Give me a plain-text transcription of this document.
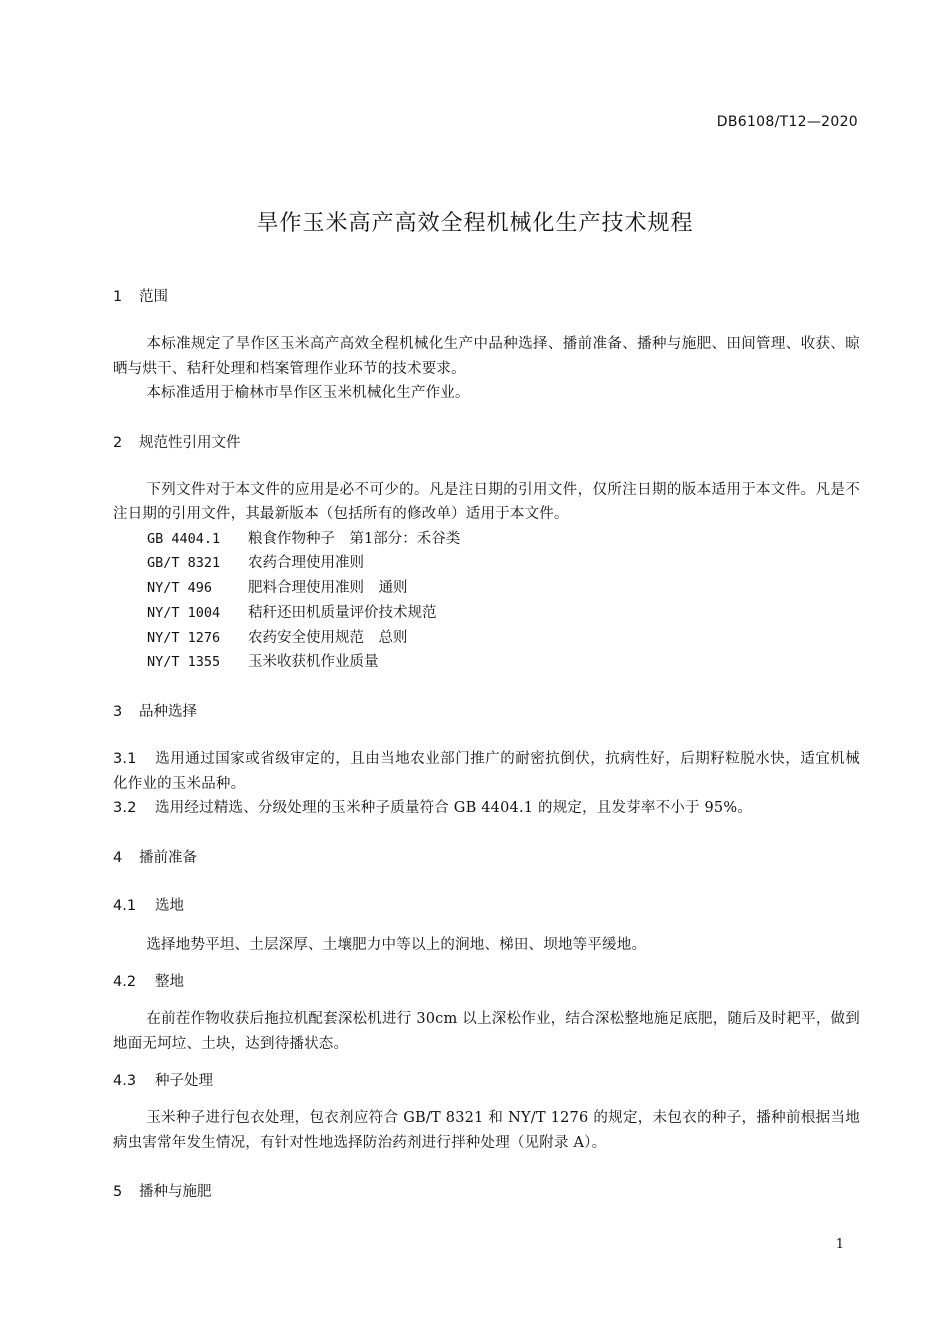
DB6108/T12—2020
旱作玉米高产高效全程机械化生产技术规程
1 范围

本标准规定了旱作区玉米高产高效全程机械化生产中品种选择、播前准备、播种与施肥、田间管理、收获、晾晒与烘干、秸秆处理和档案管理作业环节的技术要求。

本标准适用于榆林市旱作区玉米机械化生产作业。

2 规范性引用文件

下列文件对于本文件的应用是必不可少的。凡是注日期的引用文件，仅所注日期的版本适用于本文件。凡是不注日期的引用文件，其最新版本（包括所有的修改单）适用于本文件。

GB 4404.1	粮食作物种子　第1部分：禾谷类
GB/T 8321	农药合理使用准则
NY/T 496	肥料合理使用准则　通则
NY/T 1004	秸秆还田机质量评价技术规范
NY/T 1276	农药安全使用规范　总则
NY/T 1355	玉米收获机作业质量
3 品种选择

3.1 选用通过国家或省级审定的，且由当地农业部门推广的耐密抗倒伏，抗病性好，后期籽粒脱水快，适宜机械化作业的玉米品种。

3.2 选用经过精选、分级处理的玉米种子质量符合 GB 4404.1 的规定，且发芽率不小于 95%。

4 播前准备
4.1 选地

选择地势平坦、土层深厚、土壤肥力中等以上的涧地、梯田、坝地等平缓地。

4.2 整地

在前茬作物收获后拖拉机配套深松机进行 30cm 以上深松作业，结合深松整地施足底肥，随后及时耙平，做到地面无坷垃、土块，达到待播状态。

4.3 种子处理

玉米种子进行包衣处理，包衣剂应符合 GB/T 8321 和 NY/T 1276 的规定，未包衣的种子，播种前根据当地病虫害常年发生情况，有针对性地选择防治药剂进行拌种处理（见附录 A）。

5 播种与施肥
1
